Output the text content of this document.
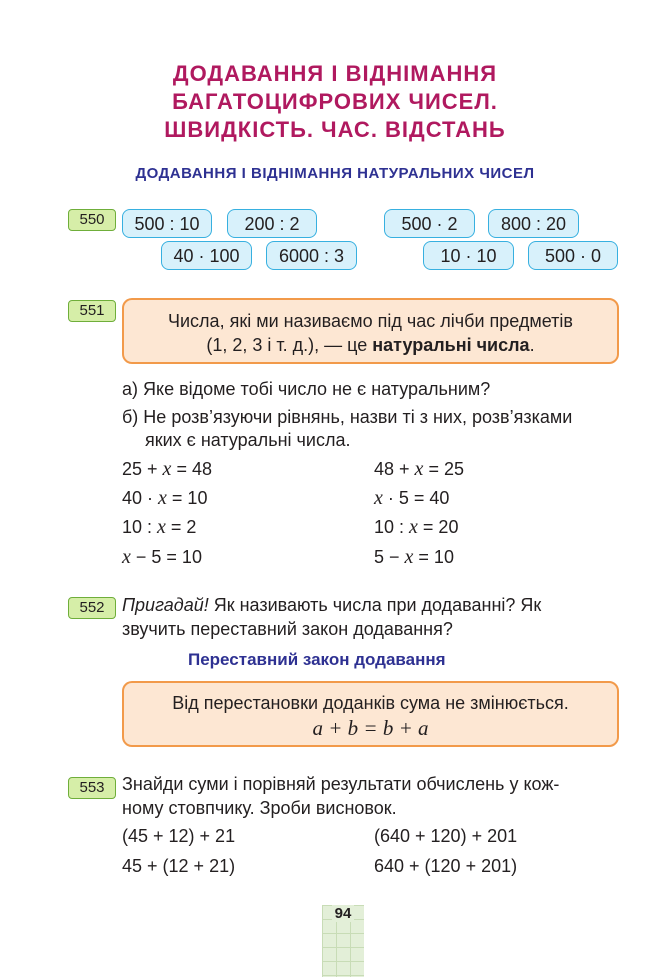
ДОДАВАННЯ І ВІДНІМАННЯ
БАГАТОЦИФРОВИХ ЧИСЕЛ.
ШВИДКІСТЬ. ЧАС. ВІДСТАНЬ
ДОДАВАННЯ І ВІДНІМАННЯ НАТУРАЛЬНИХ ЧИСЕЛ
550	500 : 10	200 : 2	500 · 2	800 : 20
40 · 100	6000 : 3	10 · 10	500 · 0
551
Числа, які ми називаємо під час лічби предметів
(1, 2, 3 і т. д.), — це натуральні числа.
а) Яке відоме тобі число не є натуральним?
б) Не розв’язуючи рівнянь, назви ті з них, розв’язками
яких є натуральні числа.
25 + x = 48	48 + x = 25
40 · x = 10	x · 5 = 40
10 : x = 2	10 : x = 20
x − 5 = 10	5 − x = 10
552 Пригадай! Як називають числа при додаванні? Як
звучить переставний закон додавання?
Переставний закон додавання
Від перестановки доданків сума не змінюється.
a + b = b + a
553 Знайди суми і порівняй результати обчислень у кож-
ному стовпчику. Зроби висновок.
(45 + 12) + 21	(640 + 120) + 201
45 + (12 + 21)	640 + (120 + 201)
94
